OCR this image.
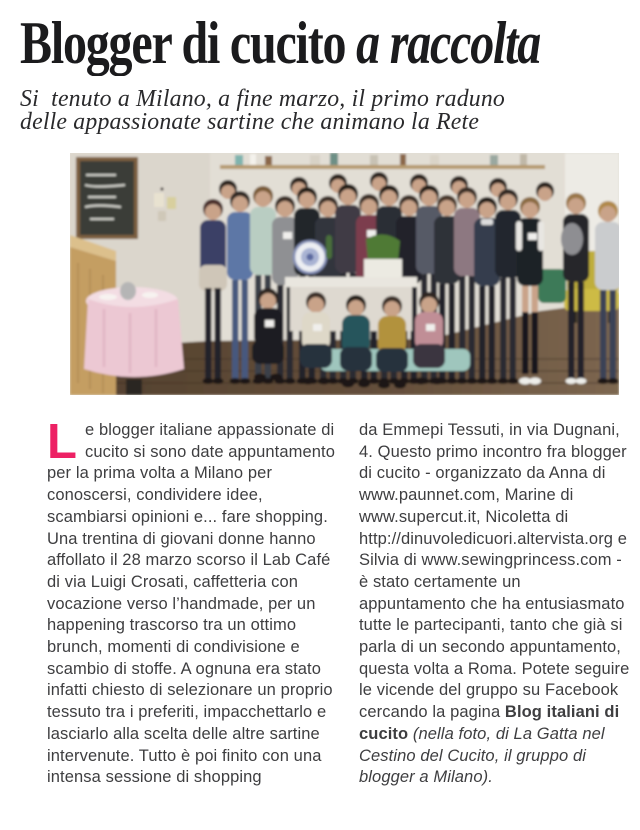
Blogger di cucito a raccolta
Si  tenuto a Milano, a fine marzo, il primo raduno
delle appassionate sartine che animano la Rete
Le blogger italiane appassionate di cucito si sono date appuntamento per la prima volta a Milano per conoscersi, condividere idee, scambiarsi opinioni e... fare shopping. Una trentina di giovani donne hanno affollato il 28 marzo scorso il Lab Café di via Luigi Crosati, caffetteria con vocazione verso l’handmade, per un happening trascorso tra un ottimo brunch, momenti di condivisione e scambio di stoffe. A ognuna era stato infatti chiesto di selezionare un proprio tessuto tra i preferiti, impacchettarlo e lasciarlo alla scelta delle altre sartine intervenute. Tutto è poi finito con una intensa sessione di shopping
da Emmepi Tessuti, in via Dugnani, 4. Questo primo incontro fra blogger di cucito - organizzato da Anna di www.paunnet.com, Marine di www.supercut.it, Nicoletta di http://dinuvoledicuori.altervista.org e Silvia di www.sewingprincess.com - è stato certamente un appuntamento che ha entusiasmato tutte le partecipanti, tanto che già si parla di un secondo appuntamento, questa volta a Roma. Potete seguire le vicende del gruppo su Facebook cercando la pagina Blog italiani di cucito (nella foto, di La Gatta nel Cestino del Cucito, il gruppo di blogger a Milano).
